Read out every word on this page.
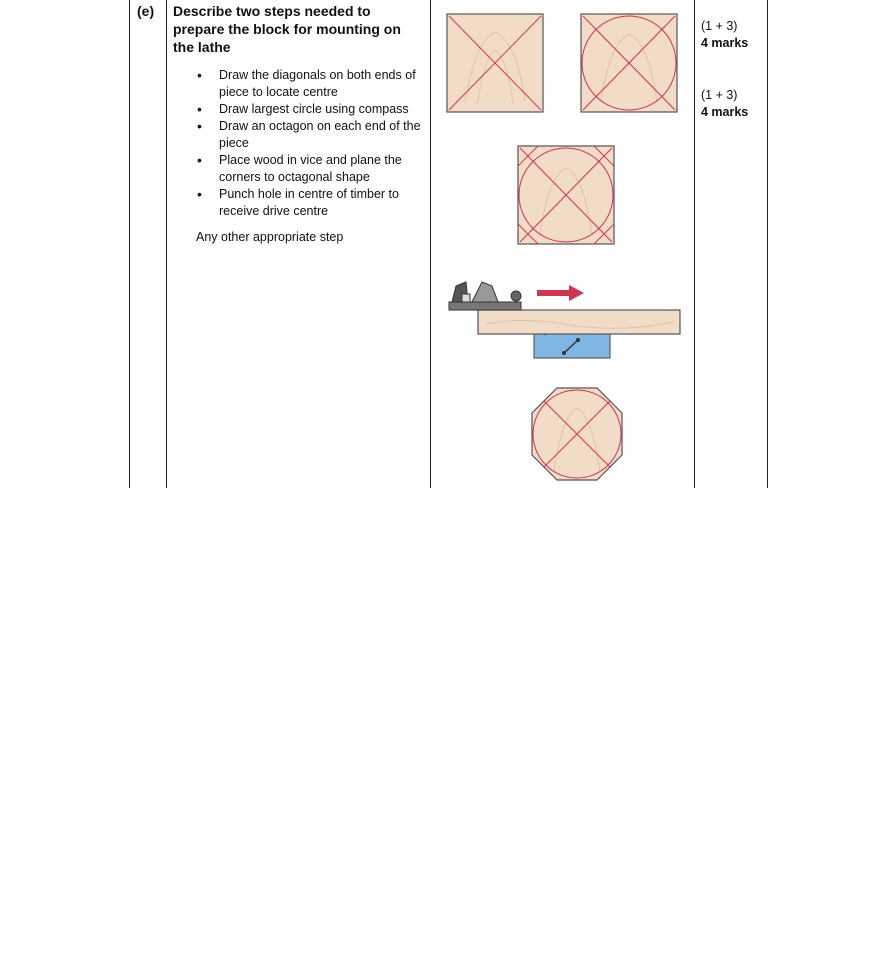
(e) Describe two steps needed to prepare the block for mounting on the lathe
• Draw the diagonals on both ends of piece to locate centre
• Draw largest circle using compass
• Draw an octagon on each end of the piece
• Place wood in vice and plane the corners to octagonal shape
• Punch hole in centre of timber to receive drive centre
Any other appropriate step
(1 + 3)
4 marks
(1 + 3)
4 marks
